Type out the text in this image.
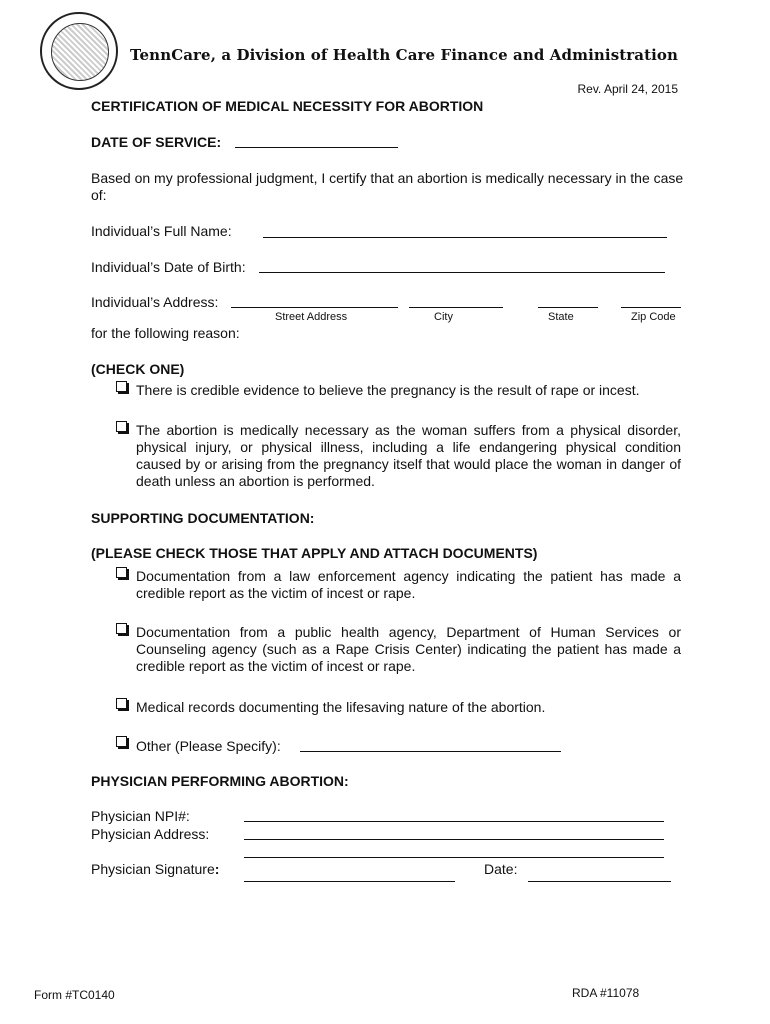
TennCare, a Division of Health Care Finance and Administration
Rev. April 24, 2015
CERTIFICATION OF MEDICAL NECESSITY FOR ABORTION
DATE OF SERVICE:
Based on my professional judgment, I certify that an abortion is medically necessary in the case of:
Individual’s Full Name:
Individual’s Date of Birth:
Individual’s Address:
Street Address	City	State	Zip Code
for the following reason:
(CHECK ONE)
There is credible evidence to believe the pregnancy is the result of rape or incest.
The abortion is medically necessary as the woman suffers from a physical disorder, physical injury, or physical illness, including a life endangering physical condition caused by or arising from the pregnancy itself that would place the woman in danger of death unless an abortion is performed.
SUPPORTING DOCUMENTATION:
(PLEASE CHECK THOSE THAT APPLY AND ATTACH DOCUMENTS)
Documentation from a law enforcement agency indicating the patient has made a credible report as the victim of incest or rape.
Documentation from a public health agency, Department of Human Services or Counseling agency (such as a Rape Crisis Center) indicating the patient has made a credible report as the victim of incest or rape.
Medical records documenting the lifesaving nature of the abortion.
Other (Please Specify):
PHYSICIAN PERFORMING ABORTION:
Physician NPI#:
Physician Address:
Physician Signature:	Date:
Form #TC0140	RDA #11078
